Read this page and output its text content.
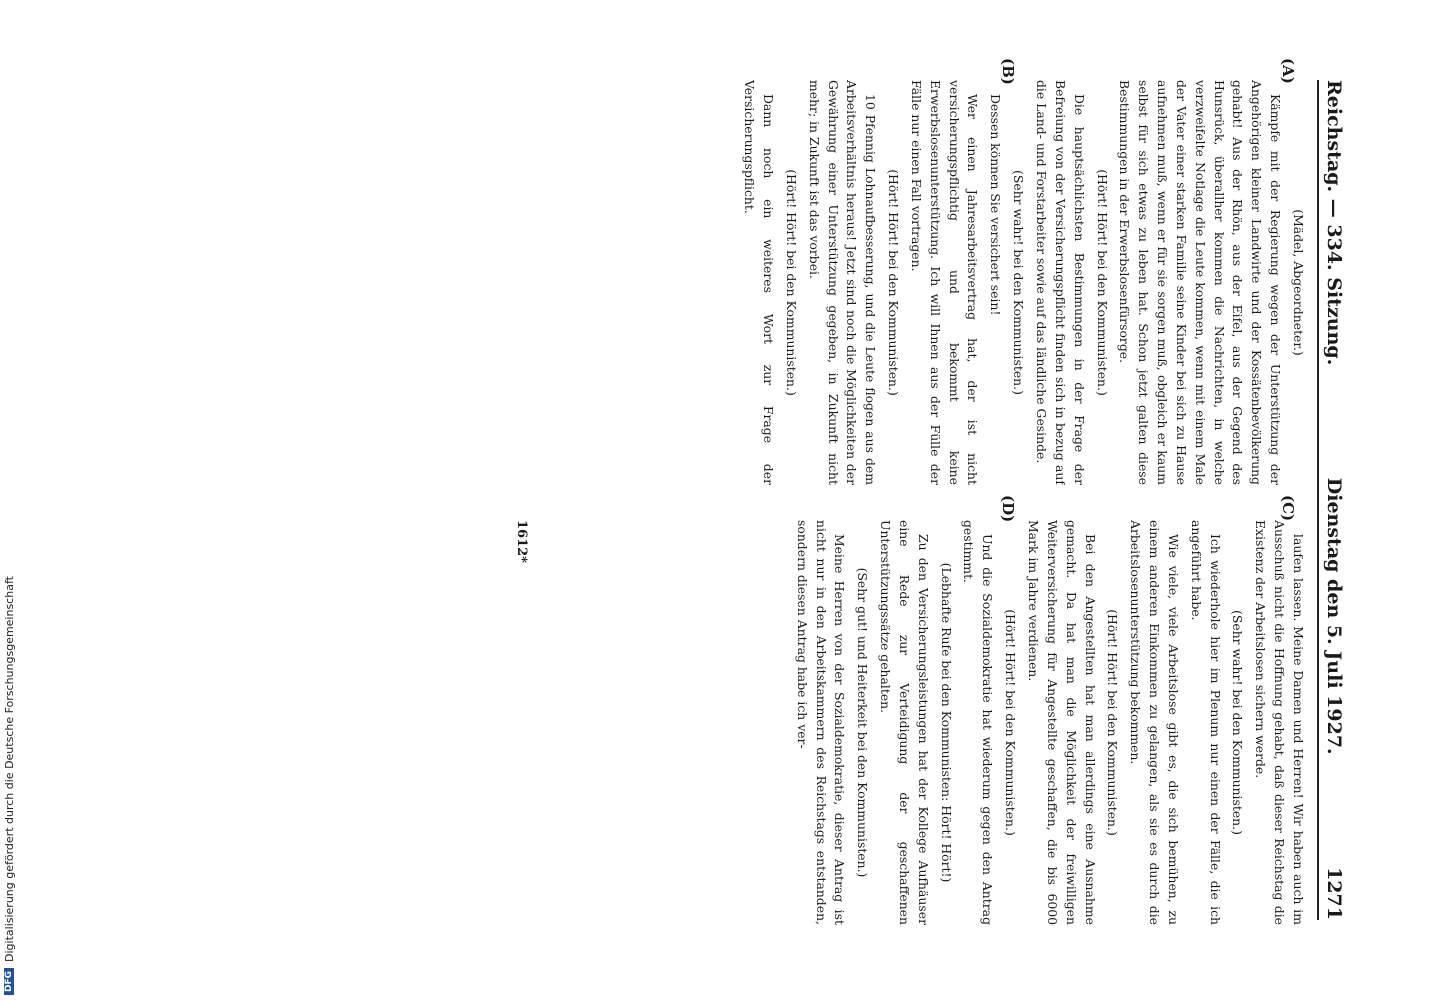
Reichstag. — 334. Sitzung.
Dienstag den 5. Juli 1927.
1271
(A)
(B)
(C)
(D)

(Mädel, Abgeordneter.)

Kämpfe mit der Regierung wegen der Unterstützung der Angehörigen kleiner Landwirte und der Kossätenbevölkerung gehabt! Aus der Rhön, aus der Eifel, aus der Gegend des Hunsrück, überallher kommen die Nachrichten, in welche verzweifelte Notlage die Leute kommen, wenn mit einem Male der Vater einer starken Familie seine Kinder bei sich zu Hause aufnehmen muß, wenn er für sie sorgen muß, obgleich er kaum selbst für sich etwas zu leben hat. Schon jetzt galten diese Bestimmungen in der Erwerbslosenfürsorge.

(Hört! Hört! bei den Kommunisten.)

Die hauptsächlichsten Bestimmungen in der Frage der Befreiung von der Versicherungspflicht finden sich in bezug auf die Land- und Forstarbeiter sowie auf das ländliche Gesinde.

(Sehr wahr! bei den Kommunisten.)

Dessen können Sie versichert sein!

Wer einen Jahresarbeitsvertrag hat, der ist nicht versicherungspflichtig und bekommt keine Erwerbslosenunterstützung. Ich will Ihnen aus der Fülle der Fälle nur einen Fall vortragen.

(Hört! Hört! bei den Kommunisten.)

10 Pfennig Lohnaufbesserung, und die Leute flogen aus dem Arbeitsverhältnis heraus! Jetzt sind noch die Möglichkeiten der Gewährung einer Unterstützung gegeben, in Zukunft nicht mehr; in Zukunft ist das vorbei.

(Hört! Hört! bei den Kommunisten.)

Dann noch ein weiteres Wort zur Frage der Versicherungspflicht.

laufen lassen. Meine Damen und Herren! Wir haben auch im Ausschuß nicht die Hoffnung gehabt, daß dieser Reichstag die Existenz der Arbeitslosen sichern werde.

(Sehr wahr! bei den Kommunisten.)

Ich wiederhole hier im Plenum nur einen der Fälle, die ich angeführt habe.

Wie viele, viele Arbeitslose gibt es, die sich bemühen, zu einem anderen Einkommen zu gelangen, als sie es durch die Arbeitslosenunterstützung bekommen.

(Hört! Hört! bei den Kommunisten.)

Bei den Angestellten hat man allerdings eine Ausnahme gemacht. Da hat man die Möglichkeit der freiwilligen Weiterversicherung für Angestellte geschaffen, die bis 6000 Mark im Jahre verdienen.

(Hört! Hört! bei den Kommunisten.)

Und die Sozialdemokratie hat wiederum gegen den Antrag gestimmt.

(Lebhafte Rufe bei den Kommunisten: Hört! Hört!)

Zu den Versicherungsleistungen hat der Kollege Aufhäuser eine Rede zur Verteidigung der geschaffenen Unterstützungssätze gehalten.

(Sehr gut! und Heiterkeit bei den Kommunisten.)

Meine Herren von der Sozialdemokratie, dieser Antrag ist nicht nur in den Arbeitskammern des Reichstags entstanden, sondern diesen Antrag habe ich ver-

1612*
DFG
Digitalisierung gefördert durch die Deutsche Forschungsgemeinschaft
